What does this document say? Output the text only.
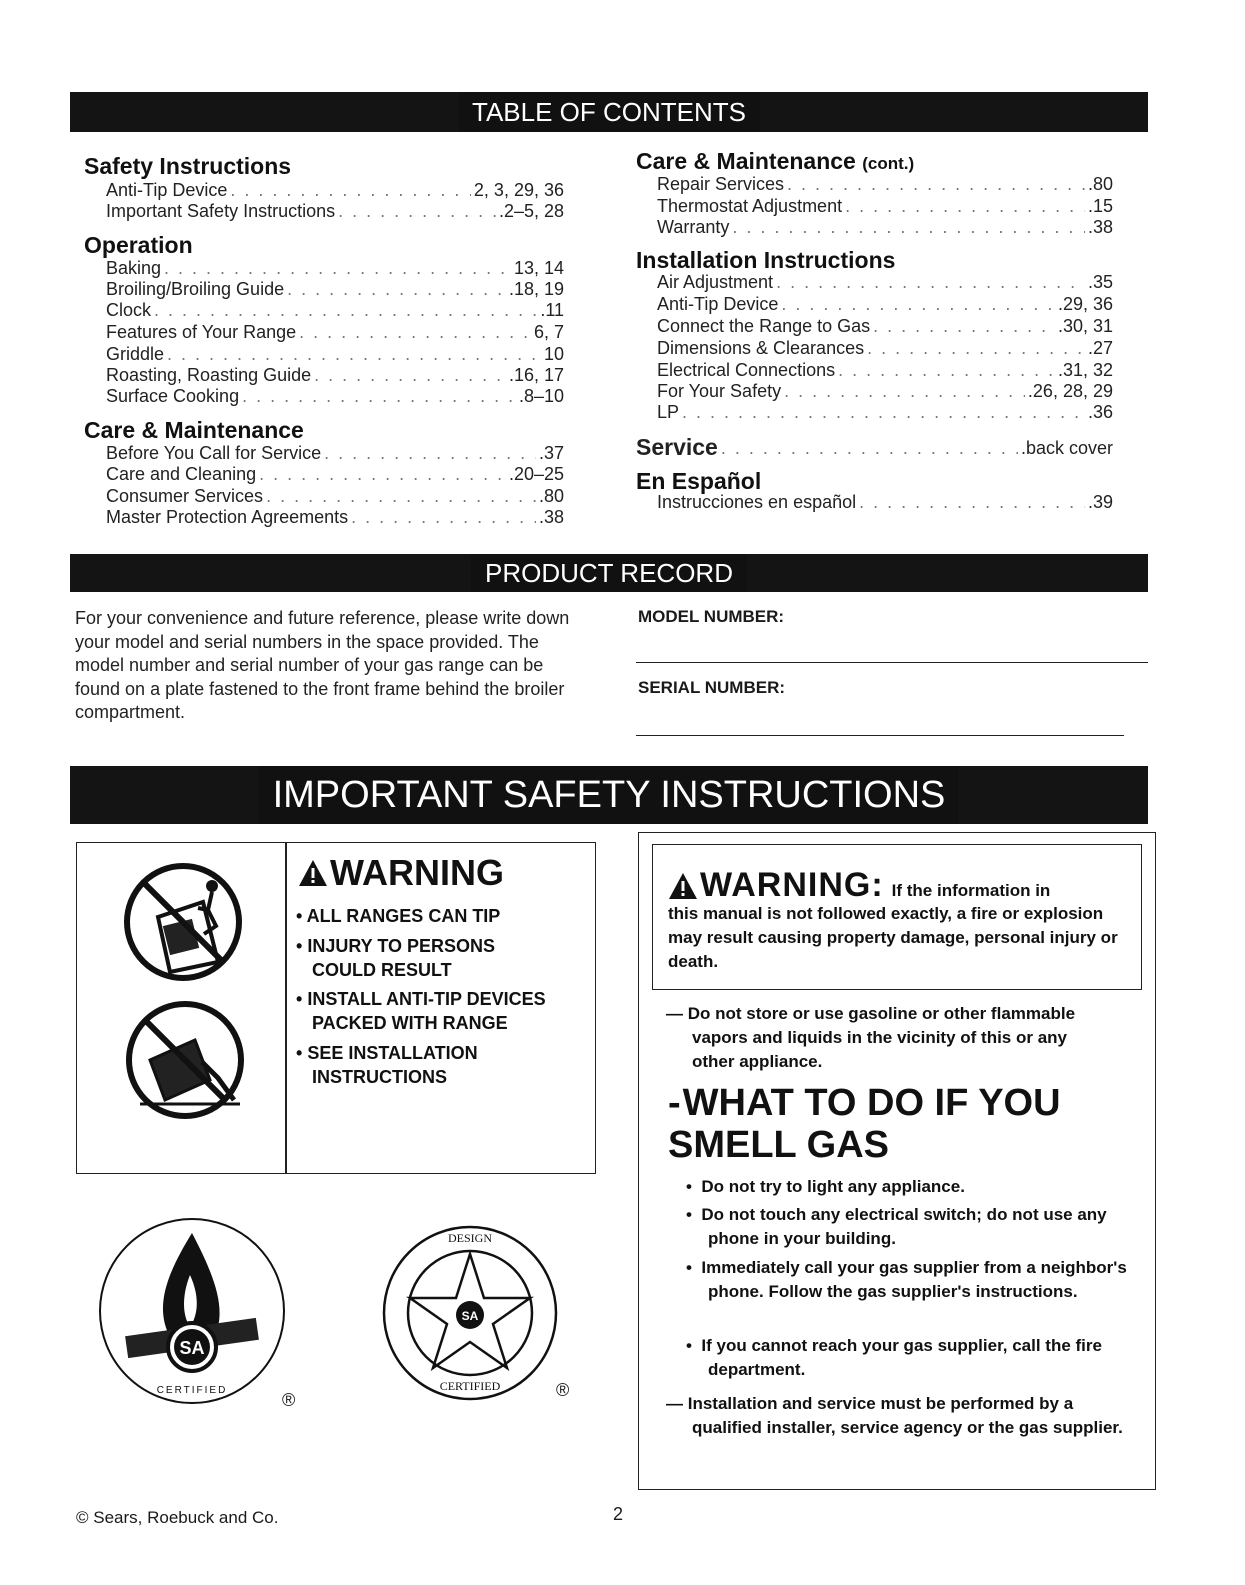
TABLE OF CONTENTS
Safety Instructions
Anti-Tip Device . . .	2, 3, 29, 36
Important Safety Instructions . . .	.2–5, 28
Operation
Baking . . .	13, 14
Broiling/Broiling Guide . . .	.18, 19
Clock . . .	.11
Features of Your Range . . .	6, 7
Griddle . . .	10
Roasting, Roasting Guide . . .	.16, 17
Surface Cooking . . .	.8–10
Care & Maintenance
Before You Call for Service . . .	.37
Care and Cleaning . . .	.20–25
Consumer Services . . .	.80
Master Protection Agreements . . .	.38
Care & Maintenance (cont.)
Repair Services . . .	.80
Thermostat Adjustment . . .	.15
Warranty . . .	.38
Installation Instructions
Air Adjustment . . .	.35
Anti-Tip Device . . .	.29, 36
Connect the Range to Gas . . .	.30, 31
Dimensions & Clearances . . .	.27
Electrical Connections . . .	.31, 32
For Your Safety . . .	.26, 28, 29
LP . . .	.36
Service . . .	.back cover
En Español
Instrucciones en español . . .	.39
PRODUCT RECORD
For your convenience and future reference, please write down your model and serial numbers in the space provided. The model number and serial number of your gas range can be found on a plate fastened to the front frame behind the broiler compartment.
MODEL NUMBER:
SERIAL NUMBER:
IMPORTANT SAFETY INSTRUCTIONS
WARNING
• ALL RANGES CAN TIP
• INJURY TO PERSONS COULD RESULT
• INSTALL ANTI-TIP DEVICES PACKED WITH RANGE
• SEE INSTALLATION INSTRUCTIONS
SA
CERTIFIED	®
SA
DESIGN
CERTIFIED	®
WARNING: If the information in
this manual is not followed exactly, a fire or explosion may result causing property damage, personal injury or death.
— Do not store or use gasoline or other flammable vapors and liquids in the vicinity of this or any other appliance.
-WHAT TO DO IF YOU SMELL GAS
•  Do not try to light any appliance.
•  Do not touch any electrical switch; do not use any phone in your building.
•  Immediately call your gas supplier from a neighbor's phone. Follow the gas supplier's instructions.
•  If you cannot reach your gas supplier, call the fire department.
— Installation and service must be performed by a qualified installer, service agency or the gas supplier.
© Sears, Roebuck and Co.	2
